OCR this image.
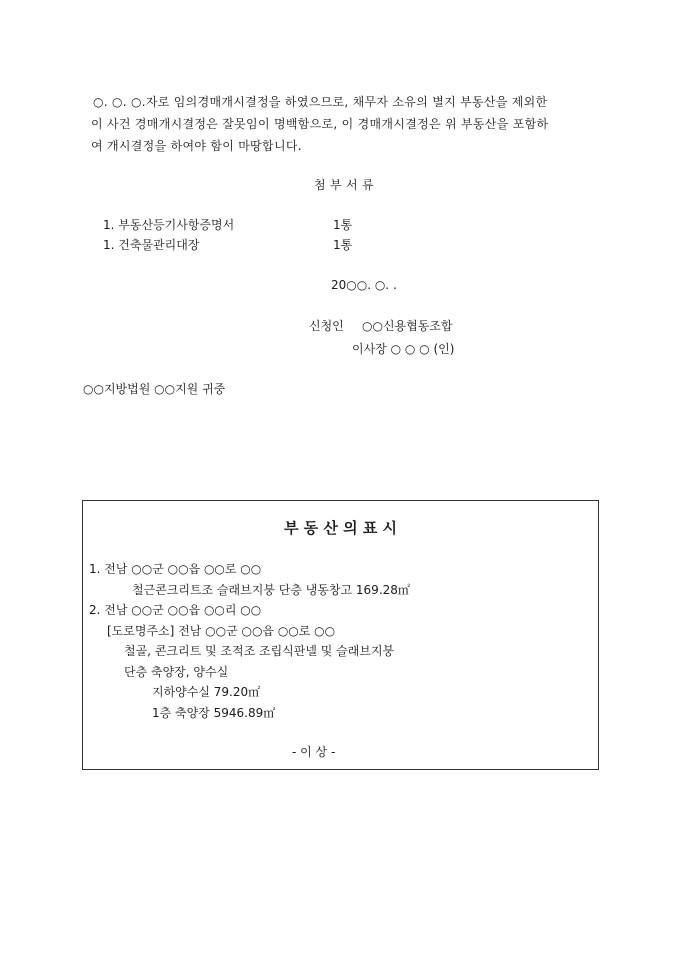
○. ○. ○.자로 임의경매개시결정을 하였으므로, 채무자 소유의 별지 부동산을 제외한
이 사건 경매개시결정은 잘못임이 명백함으로, 이 경매개시결정은 위 부동산을 포함하
여 개시결정을 하여야 함이 마땅합니다.
첨 부 서 류
1. 부동산등기사항증명서	1통
1. 건축물관리대장	1통
20○○. ○. .
신청인 ○○신용협동조합
이사장 ○ ○ ○ (인)
○○지방법원 ○○지원 귀중
부 동 산 의 표 시
1. 전남 ○○군 ○○읍 ○○로 ○○
철근콘크리트조 슬래브지붕 단층 냉동창고 169.28㎡
2. 전남 ○○군 ○○읍 ○○리 ○○
[도로명주소] 전남 ○○군 ○○읍 ○○로 ○○
철골, 콘크리트 및 조적조 조립식판넬 및 슬래브지붕
단층 축양장, 양수실
지하양수실 79.20㎡
1층 축양장 5946.89㎡
- 이 상 -
